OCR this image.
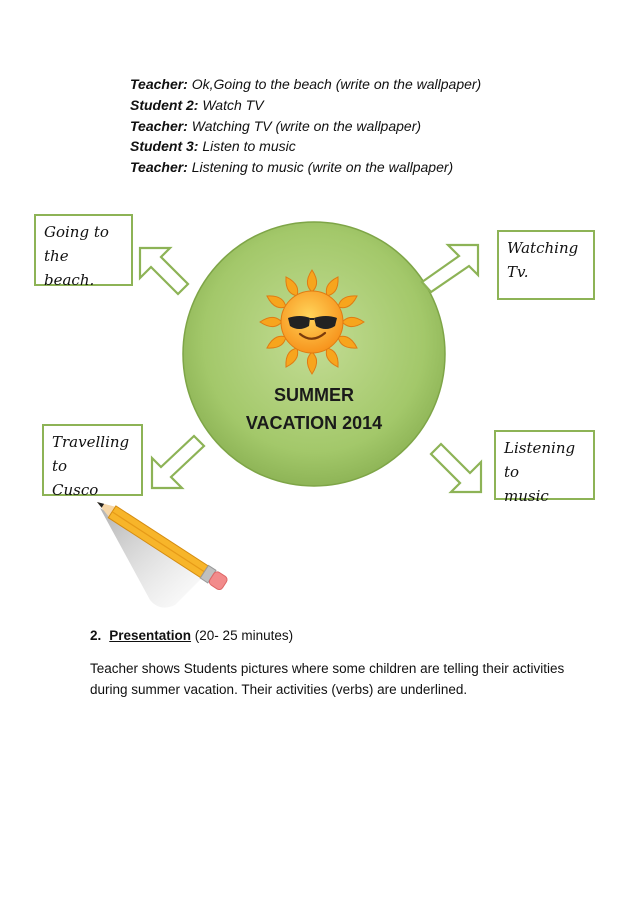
Teacher: Ok,Going to the beach (write on the wallpaper)
Student 2: Watch TV
Teacher: Watching TV (write on the wallpaper)
Student 3: Listen to music
Teacher: Listening to music (write on the wallpaper)
SUMMER
VACATION 2014
Going to the
beach.
Watching
Tv.
Travelling to
Cusco
Listening to
music
2. Presentation (20- 25 minutes)
Teacher shows Students pictures where some children are telling their activities
during summer vacation. Their activities (verbs) are underlined.
